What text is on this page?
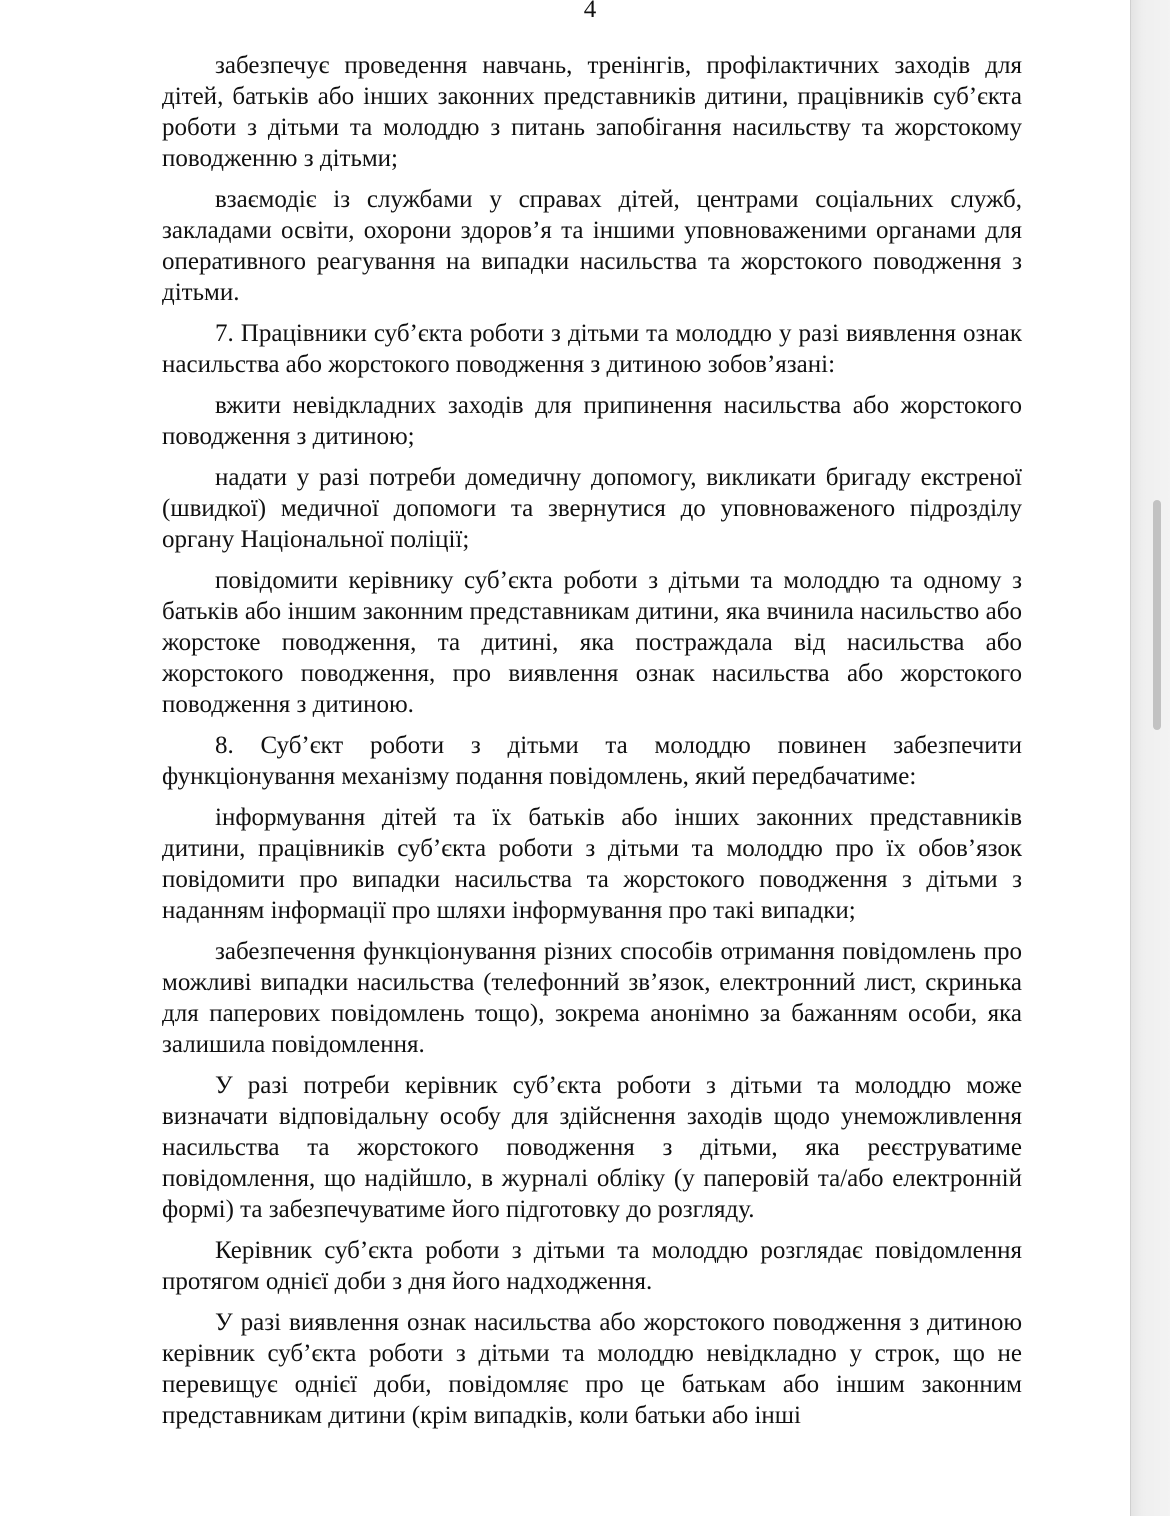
4

забезпечує проведення навчань, тренінгів, профілактичних заходів для дітей, батьків або інших законних представників дитини, працівників суб’єкта роботи з дітьми та молоддю з питань запобігання насильству та жорстокому поводженню з дітьми;

взаємодіє із службами у справах дітей, центрами соціальних служб, закладами освіти, охорони здоров’я та іншими уповноваженими органами для оперативного реагування на випадки насильства та жорстокого поводження з дітьми.

7. Працівники суб’єкта роботи з дітьми та молоддю у разі виявлення ознак насильства або жорстокого поводження з дитиною зобов’язані:

вжити невідкладних заходів для припинення насильства або жорстокого поводження з дитиною;

надати у разі потреби домедичну допомогу, викликати бригаду екстреної (швидкої) медичної допомоги та звернутися до уповноваженого підрозділу органу Національної поліції;

повідомити керівнику суб’єкта роботи з дітьми та молоддю та одному з батьків або іншим законним представникам дитини, яка вчинила насильство або жорстоке поводження, та дитині, яка постраждала від насильства або жорстокого поводження, про виявлення ознак насильства або жорстокого поводження з дитиною.

8. Суб’єкт роботи з дітьми та молоддю повинен забезпечити функціонування механізму подання повідомлень, який передбачатиме:

інформування дітей та їх батьків або інших законних представників дитини, працівників суб’єкта роботи з дітьми та молоддю про їх обов’язок повідомити про випадки насильства та жорстокого поводження з дітьми з наданням інформації про шляхи інформування про такі випадки;

забезпечення функціонування різних способів отримання повідомлень про можливі випадки насильства (телефонний зв’язок, електронний лист, скринька для паперових повідомлень тощо), зокрема анонімно за бажанням особи, яка залишила повідомлення.

У разі потреби керівник суб’єкта роботи з дітьми та молоддю може визначати відповідальну особу для здійснення заходів щодо унеможливлення насильства та жорстокого поводження з дітьми, яка реєструватиме повідомлення, що надійшло, в журналі обліку (у паперовій та/або електронній формі) та забезпечуватиме його підготовку до розгляду.

Керівник суб’єкта роботи з дітьми та молоддю розглядає повідомлення протягом однієї доби з дня його надходження.

У разі виявлення ознак насильства або жорстокого поводження з дитиною керівник суб’єкта роботи з дітьми та молоддю невідкладно у строк, що не перевищує однієї доби, повідомляє про це батькам або іншим законним представникам дитини (крім випадків, коли батьки або інші
